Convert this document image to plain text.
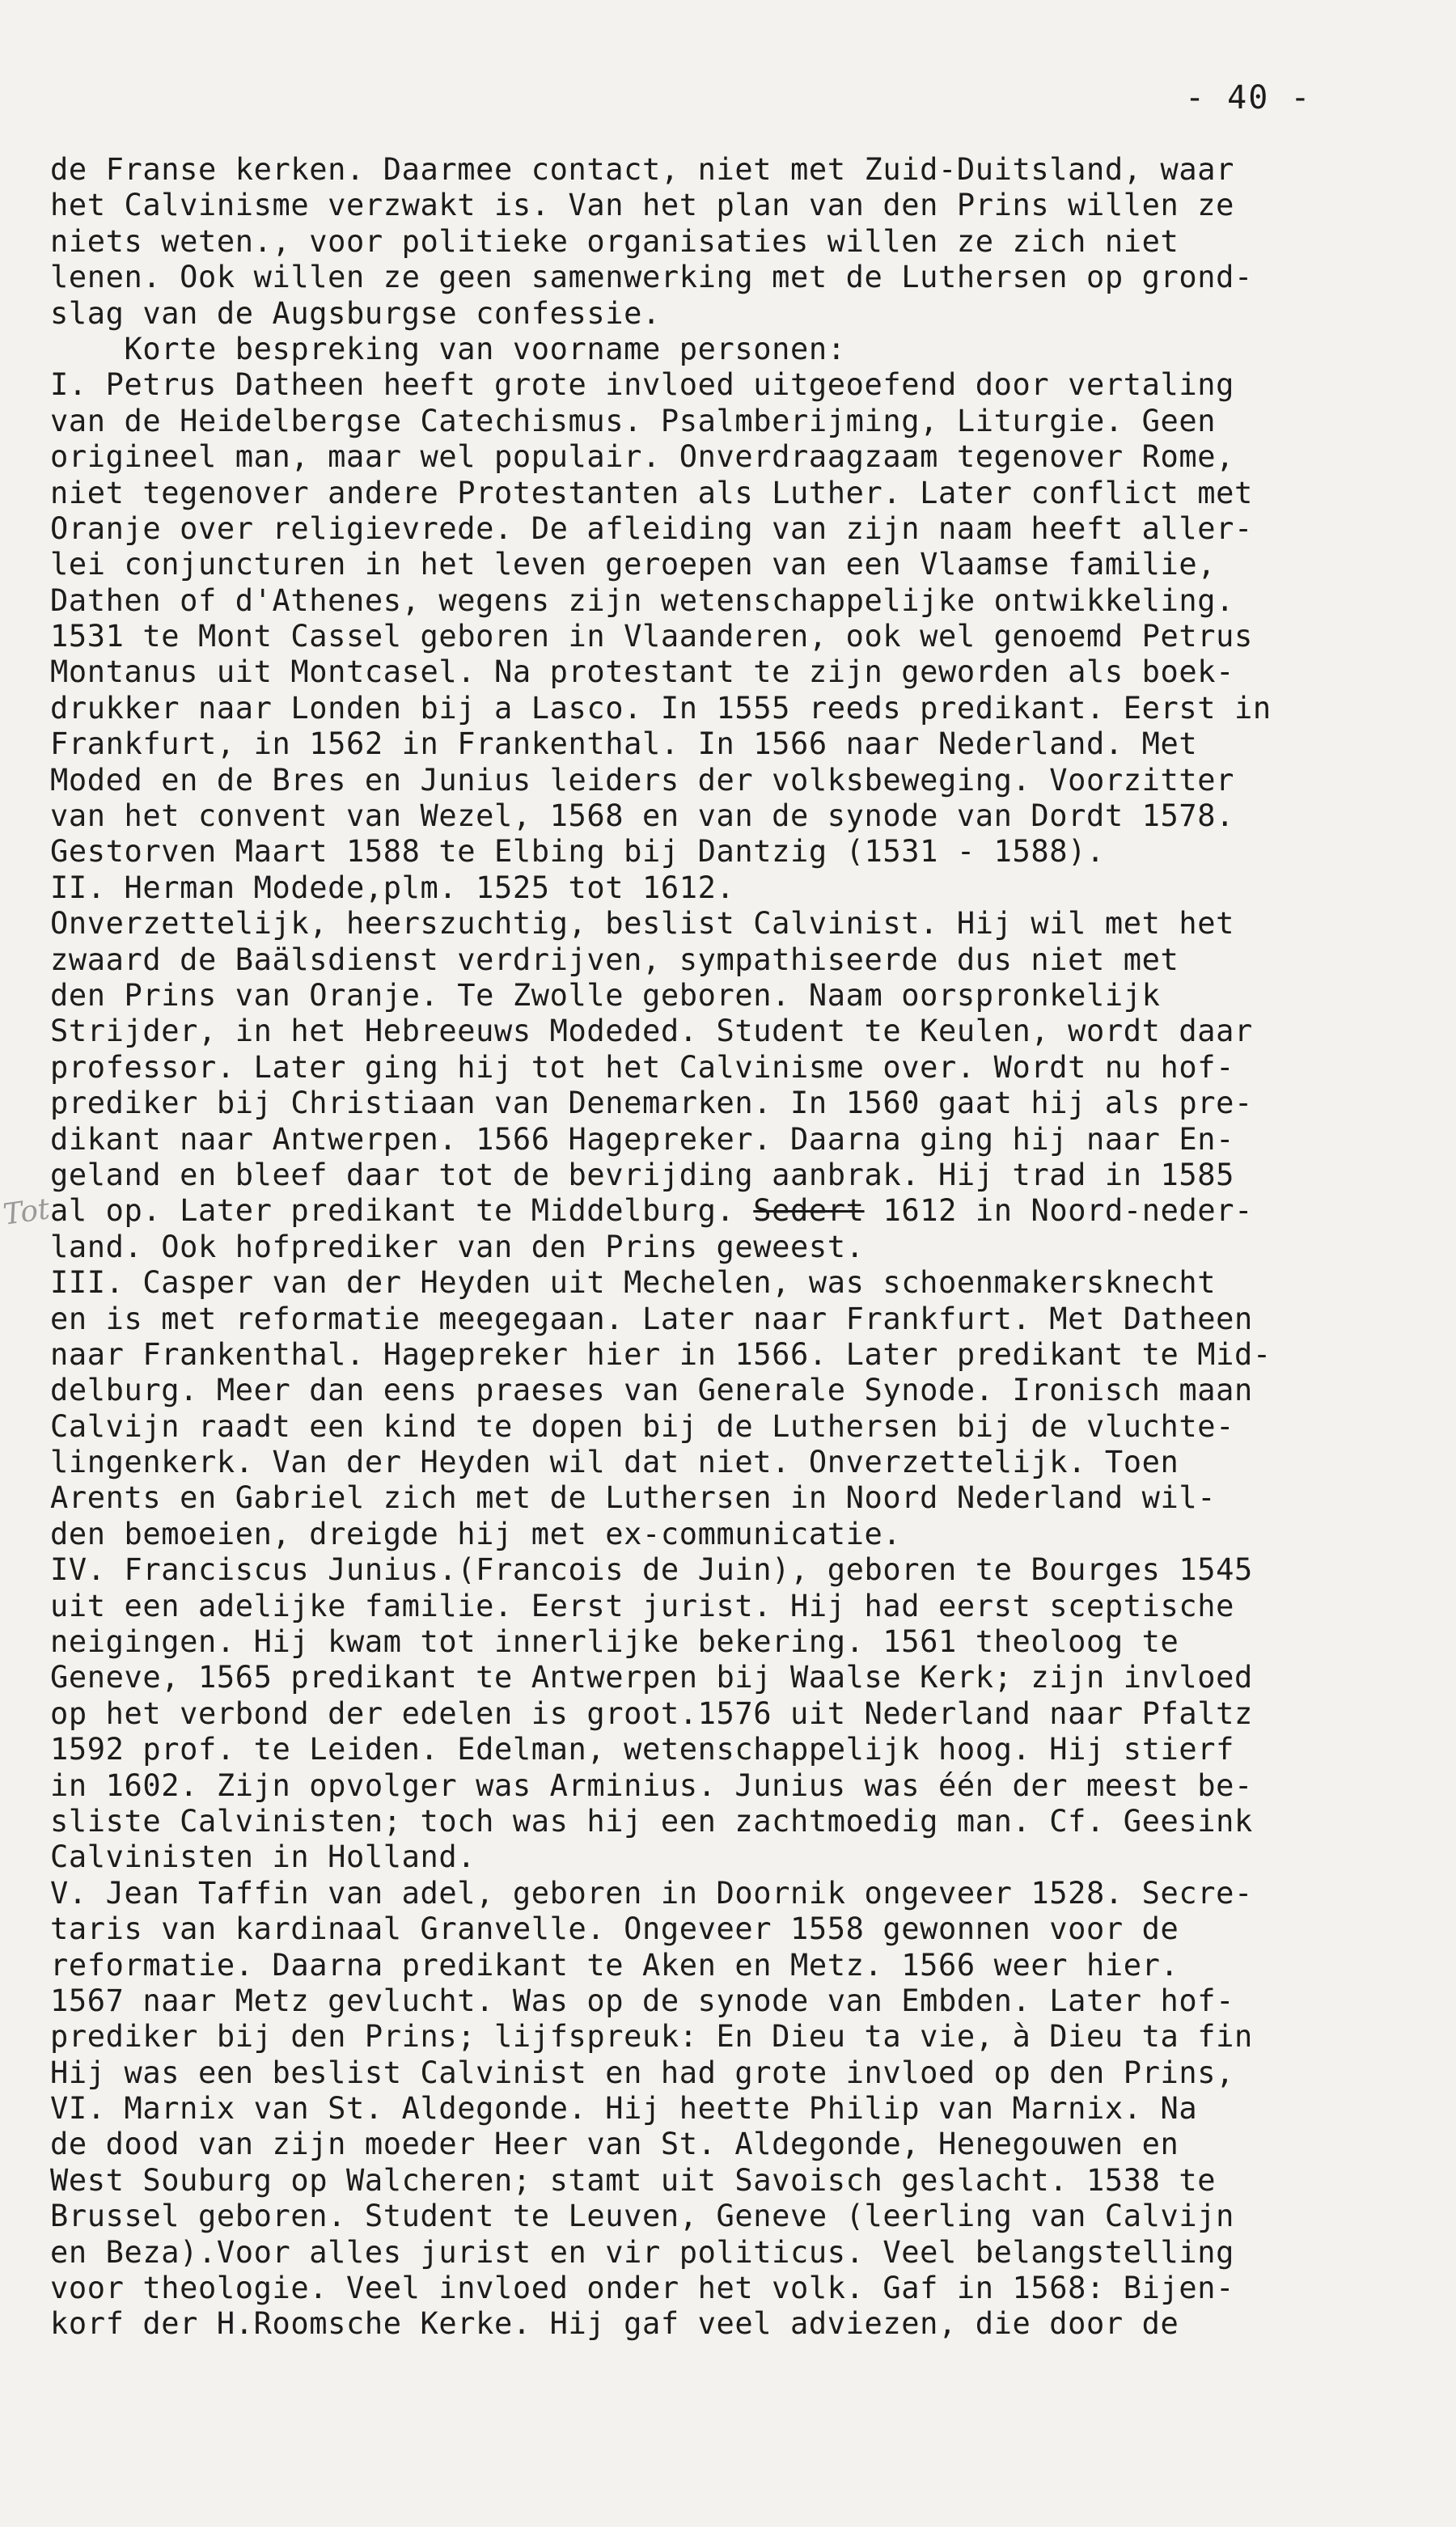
- 40 -
Tot
de Franse kerken. Daarmee contact, niet met Zuid-Duitsland, waar
het Calvinisme verzwakt is. Van het plan van den Prins willen ze
niets weten., voor politieke organisaties willen ze zich niet
lenen. Ook willen ze geen samenwerking met de Luthersen op grond-
slag van de Augsburgse confessie.
Korte bespreking van voorname personen:
I. Petrus Datheen heeft grote invloed uitgeoefend door vertaling
van de Heidelbergse Catechismus. Psalmberijming, Liturgie. Geen
origineel man, maar wel populair. Onverdraagzaam tegenover Rome,
niet tegenover andere Protestanten als Luther. Later conflict met
Oranje over religievrede. De afleiding van zijn naam heeft aller-
lei conjuncturen in het leven geroepen van een Vlaamse familie,
Dathen of d'Athenes, wegens zijn wetenschappelijke ontwikkeling.
1531 te Mont Cassel geboren in Vlaanderen, ook wel genoemd Petrus
Montanus uit Montcasel. Na protestant te zijn geworden als boek-
drukker naar Londen bij a Lasco. In 1555 reeds predikant. Eerst in
Frankfurt, in 1562 in Frankenthal. In 1566 naar Nederland. Met
Moded en de Bres en Junius leiders der volksbeweging. Voorzitter
van het convent van Wezel, 1568 en van de synode van Dordt 1578.
Gestorven Maart 1588 te Elbing bij Dantzig (1531 - 1588).
II. Herman Modede,plm. 1525 tot 1612.
Onverzettelijk, heerszuchtig, beslist Calvinist. Hij wil met het
zwaard de Baälsdienst verdrijven, sympathiseerde dus niet met
den Prins van Oranje. Te Zwolle geboren. Naam oorspronkelijk
Strijder, in het Hebreeuws Modeded. Student te Keulen, wordt daar
professor. Later ging hij tot het Calvinisme over. Wordt nu hof-
prediker bij Christiaan van Denemarken. In 1560 gaat hij als pre-
dikant naar Antwerpen. 1566 Hagepreker. Daarna ging hij naar En-
geland en bleef daar tot de bevrijding aanbrak. Hij trad in 1585
al op. Later predikant te Middelburg. Sedert 1612 in Noord-neder-
land. Ook hofprediker van den Prins geweest.
III. Casper van der Heyden uit Mechelen, was schoenmakersknecht
en is met reformatie meegegaan. Later naar Frankfurt. Met Datheen
naar Frankenthal. Hagepreker hier in 1566. Later predikant te Mid-
delburg. Meer dan eens praeses van Generale Synode. Ironisch maan
Calvijn raadt een kind te dopen bij de Luthersen bij de vluchte-
lingenkerk. Van der Heyden wil dat niet. Onverzettelijk. Toen
Arents en Gabriel zich met de Luthersen in Noord Nederland wil-
den bemoeien, dreigde hij met ex-communicatie.
IV. Franciscus Junius.(Francois de Juin), geboren te Bourges 1545
uit een adelijke familie. Eerst jurist. Hij had eerst sceptische
neigingen. Hij kwam tot innerlijke bekering. 1561 theoloog te
Geneve, 1565 predikant te Antwerpen bij Waalse Kerk; zijn invloed
op het verbond der edelen is groot.1576 uit Nederland naar Pfaltz
1592 prof. te Leiden. Edelman, wetenschappelijk hoog. Hij stierf
in 1602. Zijn opvolger was Arminius. Junius was één der meest be-
sliste Calvinisten; toch was hij een zachtmoedig man. Cf. Geesink
Calvinisten in Holland.
V. Jean Taffin van adel, geboren in Doornik ongeveer 1528. Secre-
taris van kardinaal Granvelle. Ongeveer 1558 gewonnen voor de
reformatie. Daarna predikant te Aken en Metz. 1566 weer hier.
1567 naar Metz gevlucht. Was op de synode van Embden. Later hof-
prediker bij den Prins; lijfspreuk: En Dieu ta vie, à Dieu ta fin
Hij was een beslist Calvinist en had grote invloed op den Prins,
VI. Marnix van St. Aldegonde. Hij heette Philip van Marnix. Na
de dood van zijn moeder Heer van St. Aldegonde, Henegouwen en
West Souburg op Walcheren; stamt uit Savoisch geslacht. 1538 te
Brussel geboren. Student te Leuven, Geneve (leerling van Calvijn
en Beza).Voor alles jurist en vir politicus. Veel belangstelling
voor theologie. Veel invloed onder het volk. Gaf in 1568: Bijen-
korf der H.Roomsche Kerke. Hij gaf veel adviezen, die door de
